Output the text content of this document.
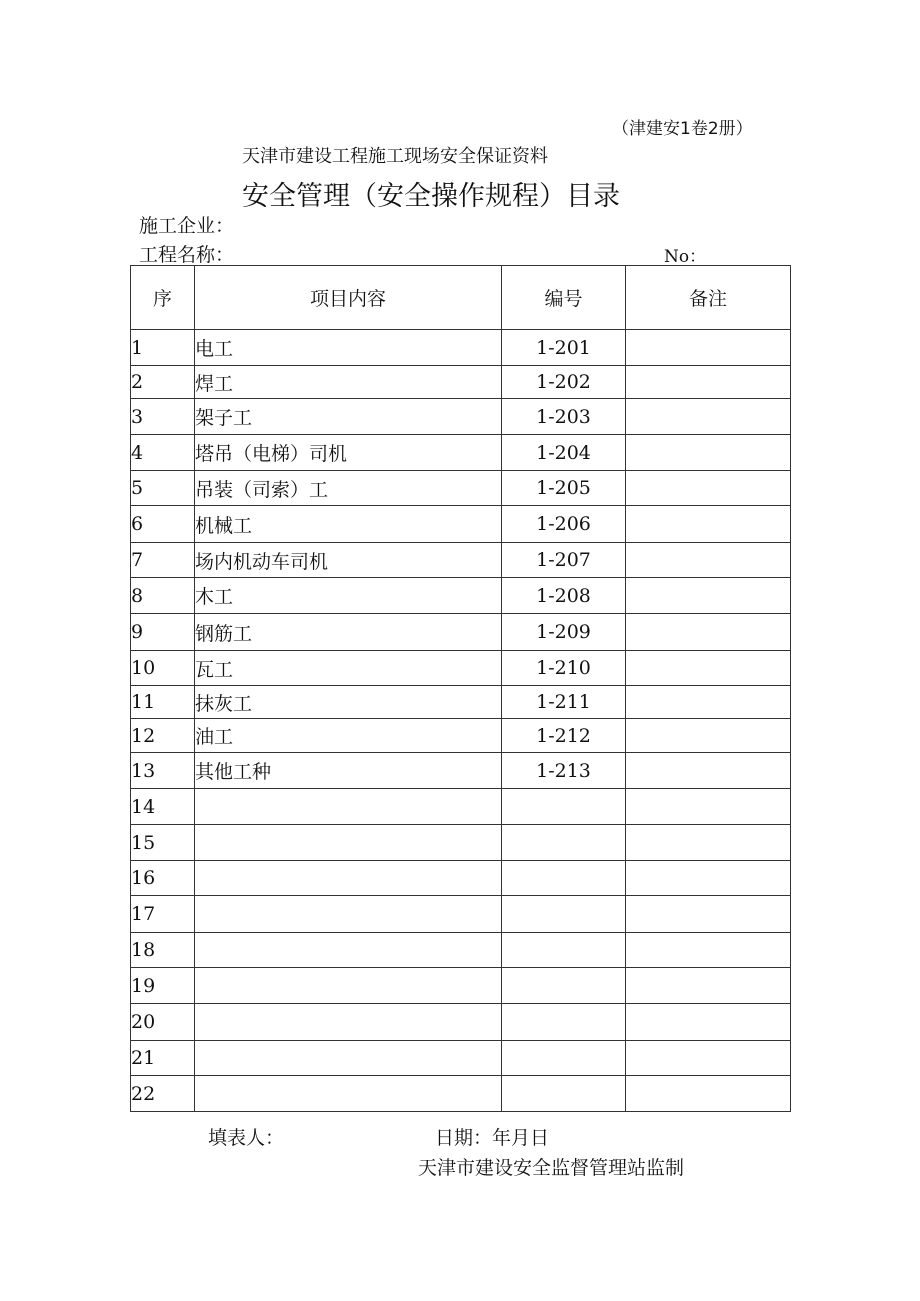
（津建安1卷2册）
天津市建设工程施工现场安全保证资料
安全管理（安全操作规程）目录
施工企业：
工程名称：	No：
序	项目内容	编号	备注
1	电工	1-201	
2	焊工	1-202	
3	架子工	1-203	
4	塔吊（电梯）司机	1-204	
5	吊装（司索）工	1-205	
6	机械工	1-206	
7	场内机动车司机	1-207	
8	木工	1-208	
9	钢筋工	1-209	
10	瓦工	1-210	
11	抹灰工	1-211	
12	油工	1-212	
13	其他工种	1-213	
14			
15			
16			
17			
18			
19			
20			
21			
22			
填表人：	日期：年月日
天津市建设安全监督管理站监制
